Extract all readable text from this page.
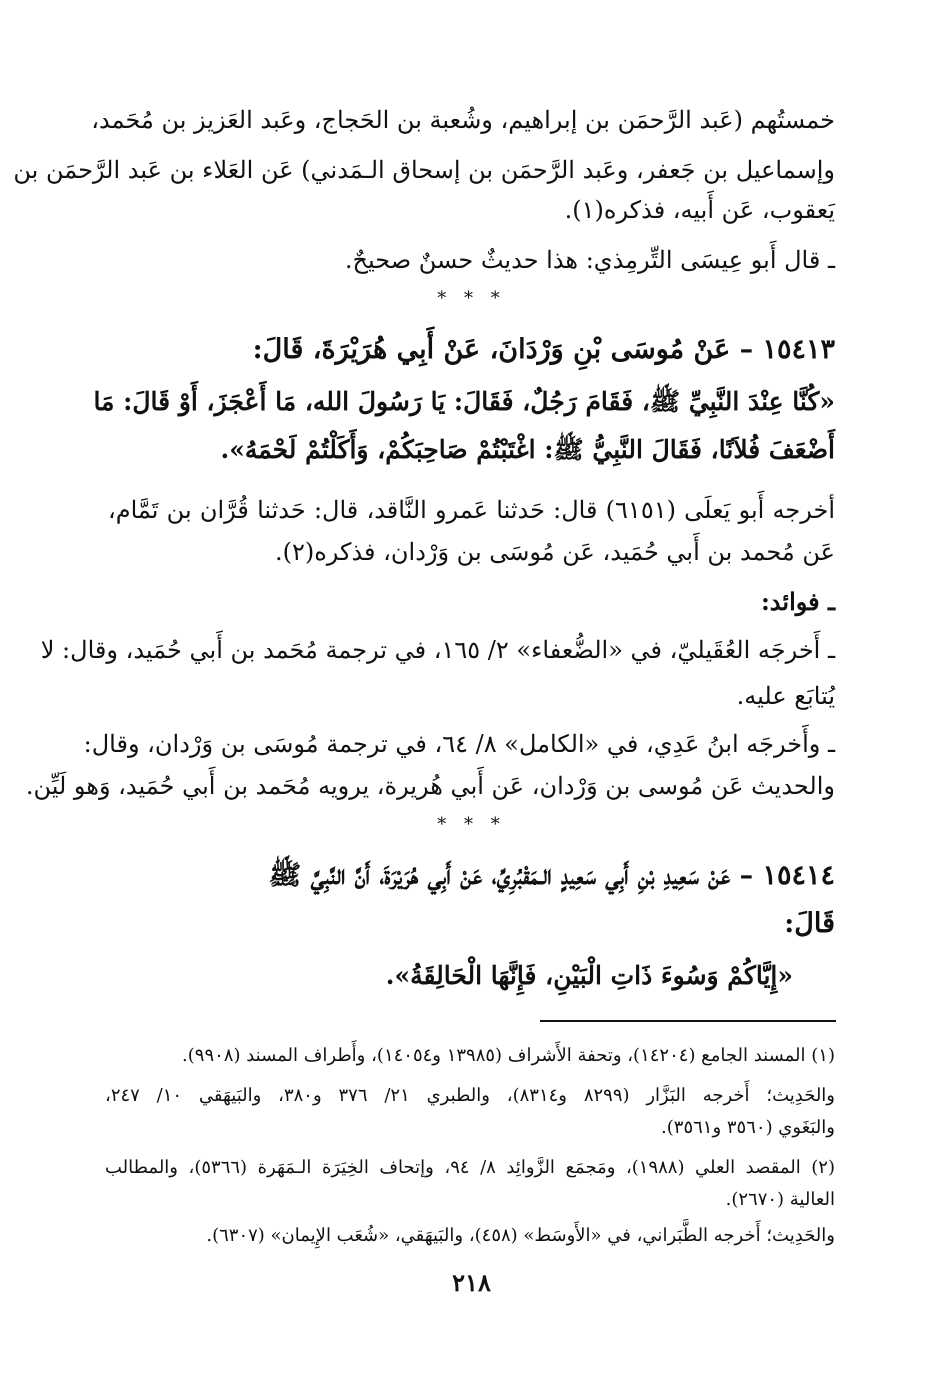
خمستُهم (عَبد الرَّحمَن بن إبراهيم، وشُعبة بن الحَجاج، وعَبد العَزيز بن مُحَمد،
وإسماعيل بن جَعفر، وعَبد الرَّحمَن بن إسحاق الـمَدني) عَن العَلاء بن عَبد الرَّحمَن بن
يَعقوب، عَن أَبيه، فذكره(١).
ـ قال أَبو عِيسَى التِّرمِذي: هذا حديثٌ حسنٌ صحيحٌ.
* * *
١٥٤١٣ – عَنْ مُوسَى بْنِ وَرْدَانَ، عَنْ أَبِي هُرَيْرَةَ، قَالَ:
«كُنَّا عِنْدَ النَّبِيِّ ﷺ، فَقَامَ رَجُلٌ، فَقَالَ: يَا رَسُولَ الله، مَا أَعْجَزَ، أَوْ قَالَ: مَا
أَضْعَفَ فُلاَنًا، فَقَالَ النَّبِيُّ ﷺ: اغْتَبْتُمْ صَاحِبَكُمْ، وَأَكَلْتُمْ لَحْمَهُ».
أخرجه أَبو يَعلَى (٦١٥١) قال: حَدثنا عَمرو النَّاقد، قال: حَدثنا قُرَّان بن تَمَّام،
عَن مُحمد بن أَبي حُمَيد، عَن مُوسَى بن وَرْدان، فذكره(٢).
ـ فوائد:
ـ أَخرجَه العُقَيليّ، في «الضُّعفاء» ٢/ ١٦٥، في ترجمة مُحَمد بن أَبي حُمَيد، وقال: لا
يُتابَع عليه.
ـ وأَخرجَه ابنُ عَدِي، في «الكامل» ٨/ ٦٤، في ترجمة مُوسَى بن وَرْدان، وقال:
والحديث عَن مُوسى بن وَرْدان، عَن أَبي هُريرة، يرويه مُحَمد بن أَبي حُمَيد، وَهو لَيِّن.
* * *
١٥٤١٤ – عَنْ سَعِيدِ بْنِ أَبِي سَعِيدٍ الـمَقْبُرِيِّ، عَنْ أَبِي هُرَيْرَةَ، أَنَّ النَّبِيَّ ﷺ
قَالَ:
«إِيَّاكُمْ وَسُوءَ ذَاتِ الْبَيْنِ، فَإِنَّهَا الْحَالِقَةُ».
(١) المسند الجامع (١٤٢٠٤)، وتحفة الأَشراف (١٣٩٨٥ و١٤٠٥٤)، وأَطراف المسند (٩٩٠٨).
والحَدِيث؛ أَخرجه البَزَّار (٨٢٩٩ و٨٣١٤)، والطبري ٢١/ ٣٧٦ و٣٨٠، والبَيهَقي ١٠/ ٢٤٧،
والبَغَوي (٣٥٦٠ و٣٥٦١).
(٢) المقصد العلي (١٩٨٨)، ومَجمَع الزَّوائِد ٨/ ٩٤، وإتحاف الخِيَرَة الـمَهَرة (٥٣٦٦)، والمطالب
العالية (٢٦٧٠).
والحَدِيث؛ أَخرجه الطَّبَراني، في «الأَوسَط» (٤٥٨)، والبَيهَقي، «شُعَب الإِيمان» (٦٣٠٧).
٢١٨
